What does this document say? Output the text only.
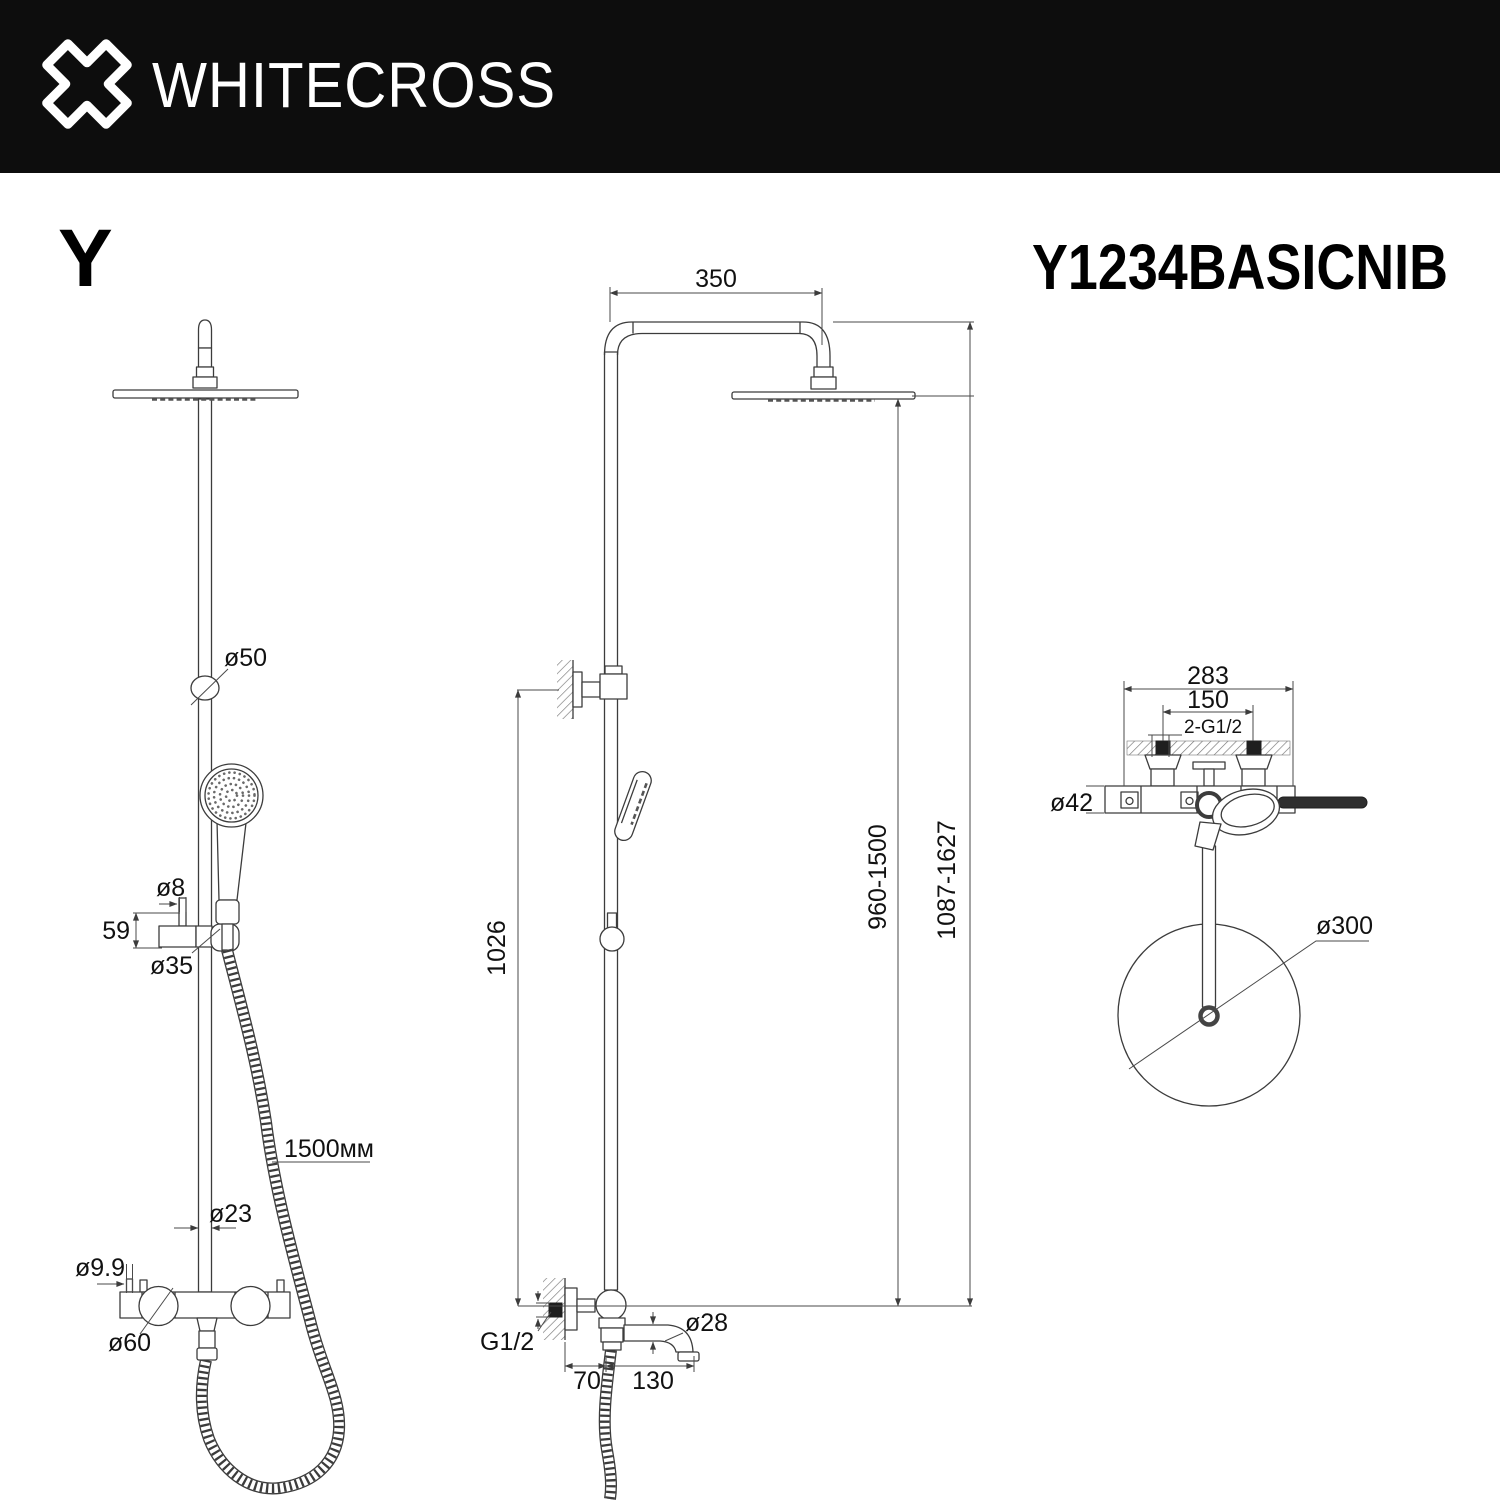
WHITECROSS
Y	Y1234BASICNIB
ø50
ø8
59
ø35
1500мм
ø23
ø9.9
ø60
350
1026
960-1500 1087-1627
G1/2
ø28
70 130
283
150
2-G1/2
ø42
ø300
